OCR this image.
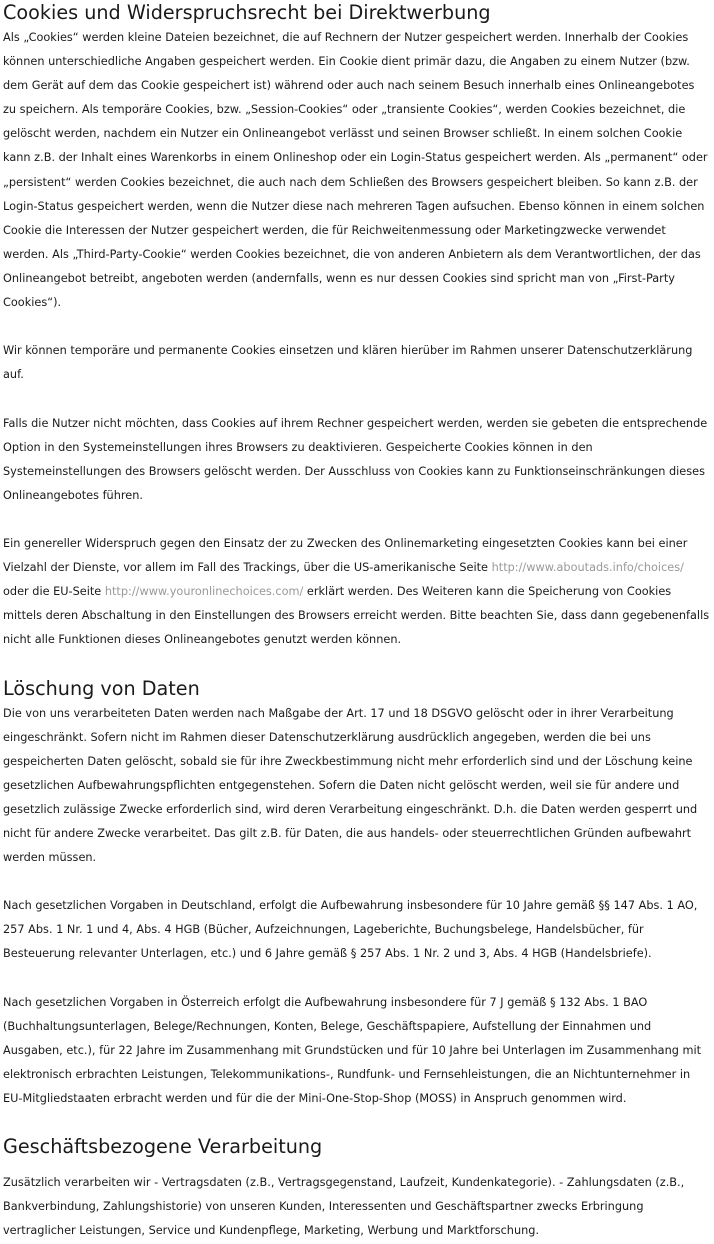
Cookies und Widerspruchsrecht bei Direktwerbung

Als „Cookies“ werden kleine Dateien bezeichnet, die auf Rechnern der Nutzer gespeichert werden. Innerhalb der Cookies können unterschiedliche Angaben gespeichert werden. Ein Cookie dient primär dazu, die Angaben zu einem Nutzer (bzw. dem Gerät auf dem das Cookie gespeichert ist) während oder auch nach seinem Besuch innerhalb eines Onlineangebotes zu speichern. Als temporäre Cookies, bzw. „Session-Cookies“ oder „transiente Cookies“, werden Cookies bezeichnet, die gelöscht werden, nachdem ein Nutzer ein Onlineangebot verlässt und seinen Browser schließt. In einem solchen Cookie kann z.B. der Inhalt eines Warenkorbs in einem Onlineshop oder ein Login-Status gespeichert werden. Als „permanent“ oder „persistent“ werden Cookies bezeichnet, die auch nach dem Schließen des Browsers gespeichert bleiben. So kann z.B. der Login-Status gespeichert werden, wenn die Nutzer diese nach mehreren Tagen aufsuchen. Ebenso können in einem solchen Cookie die Interessen der Nutzer gespeichert werden, die für Reichweitenmessung oder Marketingzwecke verwendet werden. Als „Third-Party-Cookie“ werden Cookies bezeichnet, die von anderen Anbietern als dem Verantwortlichen, der das Onlineangebot betreibt, angeboten werden (andernfalls, wenn es nur dessen Cookies sind spricht man von „First-Party Cookies“).

Wir können temporäre und permanente Cookies einsetzen und klären hierüber im Rahmen unserer Datenschutzerklärung auf.

Falls die Nutzer nicht möchten, dass Cookies auf ihrem Rechner gespeichert werden, werden sie gebeten die entsprechende Option in den Systemeinstellungen ihres Browsers zu deaktivieren. Gespeicherte Cookies können in den Systemeinstellungen des Browsers gelöscht werden. Der Ausschluss von Cookies kann zu Funktionseinschränkungen dieses Onlineangebotes führen.

Ein genereller Widerspruch gegen den Einsatz der zu Zwecken des Onlinemarketing eingesetzten Cookies kann bei einer Vielzahl der Dienste, vor allem im Fall des Trackings, über die US-amerikanische Seite http://www.aboutads.info/choices/ oder die EU-Seite http://www.youronlinechoices.com/ erklärt werden. Des Weiteren kann die Speicherung von Cookies mittels deren Abschaltung in den Einstellungen des Browsers erreicht werden. Bitte beachten Sie, dass dann gegebenenfalls nicht alle Funktionen dieses Onlineangebotes genutzt werden können.

Löschung von Daten

Die von uns verarbeiteten Daten werden nach Maßgabe der Art. 17 und 18 DSGVO gelöscht oder in ihrer Verarbeitung eingeschränkt. Sofern nicht im Rahmen dieser Datenschutzerklärung ausdrücklich angegeben, werden die bei uns gespeicherten Daten gelöscht, sobald sie für ihre Zweckbestimmung nicht mehr erforderlich sind und der Löschung keine gesetzlichen Aufbewahrungspflichten entgegenstehen. Sofern die Daten nicht gelöscht werden, weil sie für andere und gesetzlich zulässige Zwecke erforderlich sind, wird deren Verarbeitung eingeschränkt. D.h. die Daten werden gesperrt und nicht für andere Zwecke verarbeitet. Das gilt z.B. für Daten, die aus handels- oder steuerrechtlichen Gründen aufbewahrt werden müssen.

Nach gesetzlichen Vorgaben in Deutschland, erfolgt die Aufbewahrung insbesondere für 10 Jahre gemäß §§ 147 Abs. 1 AO, 257 Abs. 1 Nr. 1 und 4, Abs. 4 HGB (Bücher, Aufzeichnungen, Lageberichte, Buchungsbelege, Handelsbücher, für Besteuerung relevanter Unterlagen, etc.) und 6 Jahre gemäß § 257 Abs. 1 Nr. 2 und 3, Abs. 4 HGB (Handelsbriefe).

Nach gesetzlichen Vorgaben in Österreich erfolgt die Aufbewahrung insbesondere für 7 J gemäß § 132 Abs. 1 BAO (Buchhaltungsunterlagen, Belege/Rechnungen, Konten, Belege, Geschäftspapiere, Aufstellung der Einnahmen und Ausgaben, etc.), für 22 Jahre im Zusammenhang mit Grundstücken und für 10 Jahre bei Unterlagen im Zusammenhang mit elektronisch erbrachten Leistungen, Telekommunikations-, Rundfunk- und Fernsehleistungen, die an Nichtunternehmer in EU-Mitgliedstaaten erbracht werden und für die der Mini-One-Stop-Shop (MOSS) in Anspruch genommen wird.

Geschäftsbezogene Verarbeitung

Zusätzlich verarbeiten wir - Vertragsdaten (z.B., Vertragsgegenstand, Laufzeit, Kundenkategorie). - Zahlungsdaten (z.B., Bankverbindung, Zahlungshistorie) von unseren Kunden, Interessenten und Geschäftspartner zwecks Erbringung vertraglicher Leistungen, Service und Kundenpflege, Marketing, Werbung und Marktforschung.
